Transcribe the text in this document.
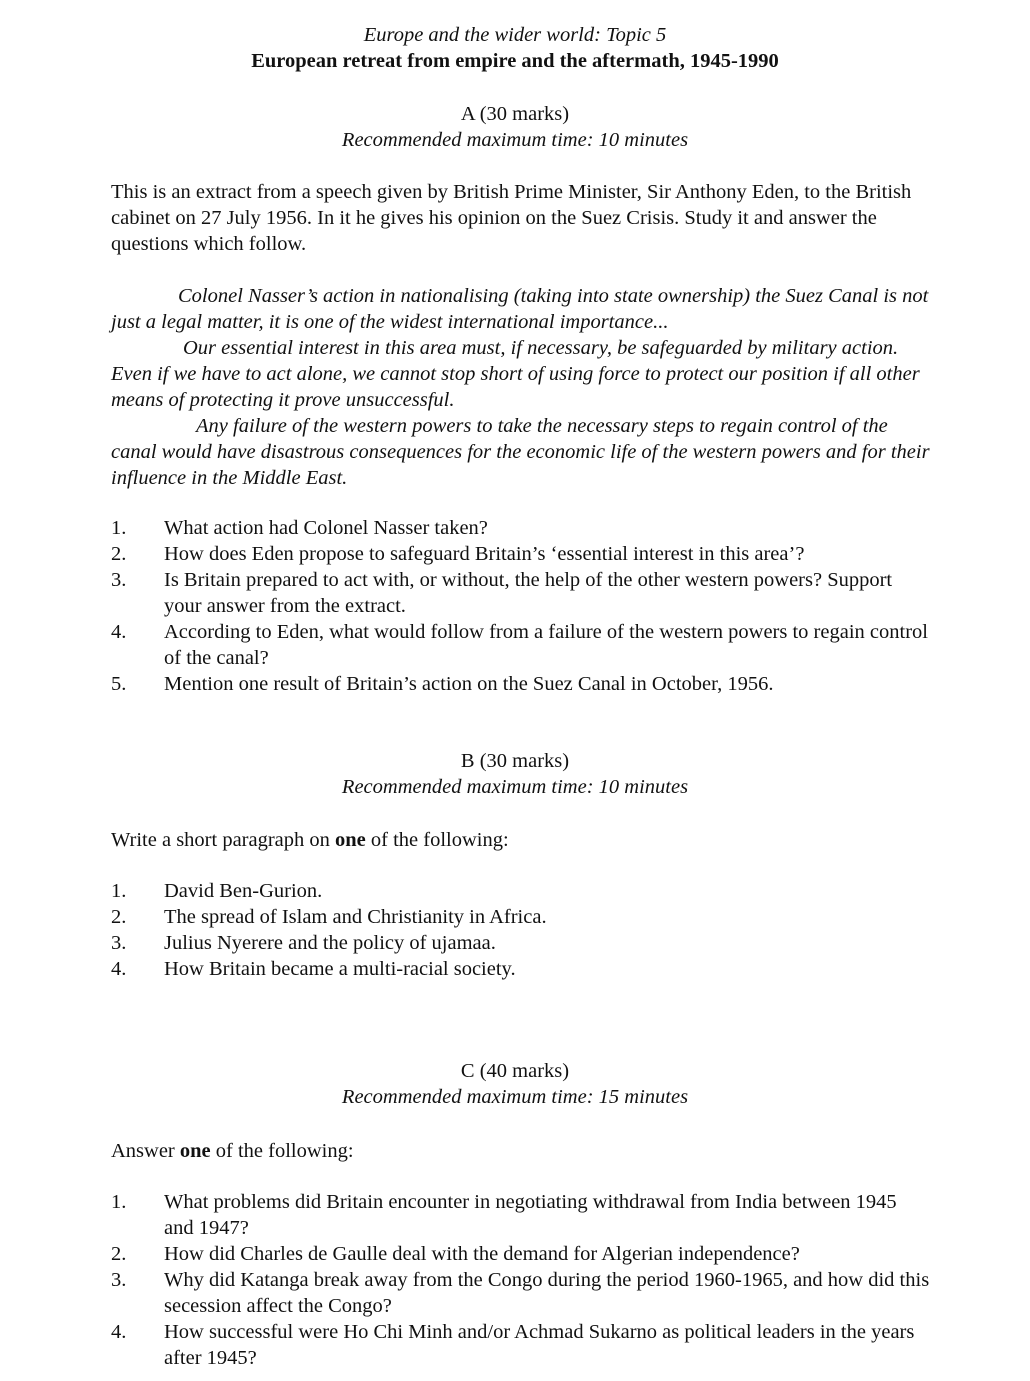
Europe and the wider world: Topic 5
European retreat from empire and the aftermath, 1945-1990
A (30 marks)
Recommended maximum time: 10 minutes
This is an extract from a speech given by British Prime Minister, Sir Anthony Eden, to the British cabinet on 27 July 1956. In it he gives his opinion on the Suez Crisis. Study it and answer the questions which follow.
Colonel Nasser’s action in nationalising (taking into state ownership) the Suez Canal is not just a legal matter, it is one of the widest international importance...
Our essential interest in this area must, if necessary, be safeguarded by military action. Even if we have to act alone, we cannot stop short of using force to protect our position if all other means of protecting it prove unsuccessful.
Any failure of the western powers to take the necessary steps to regain control of the canal would have disastrous consequences for the economic life of the western powers and for their influence in the Middle East.
1.	What action had Colonel Nasser taken?
2.	How does Eden propose to safeguard Britain’s ‘essential interest in this area’?
3.	Is Britain prepared to act with, or without, the help of the other western powers? Support your answer from the extract.
4.	According to Eden, what would follow from a failure of the western powers to regain control of the canal?
5.	Mention one result of Britain’s action on the Suez Canal in October, 1956.
B (30 marks)
Recommended maximum time: 10 minutes
Write a short paragraph on one of the following:
1.	David Ben-Gurion.
2.	The spread of Islam and Christianity in Africa.
3.	Julius Nyerere and the policy of ujamaa.
4.	How Britain became a multi-racial society.
C (40 marks)
Recommended maximum time: 15 minutes
Answer one of the following:
1.	What problems did Britain encounter in negotiating withdrawal from India between 1945 and 1947?
2.	How did Charles de Gaulle deal with the demand for Algerian independence?
3.	Why did Katanga break away from the Congo during the period 1960-1965, and how did this secession affect the Congo?
4.	How successful were Ho Chi Minh and/or Achmad Sukarno as political leaders in the years after 1945?
